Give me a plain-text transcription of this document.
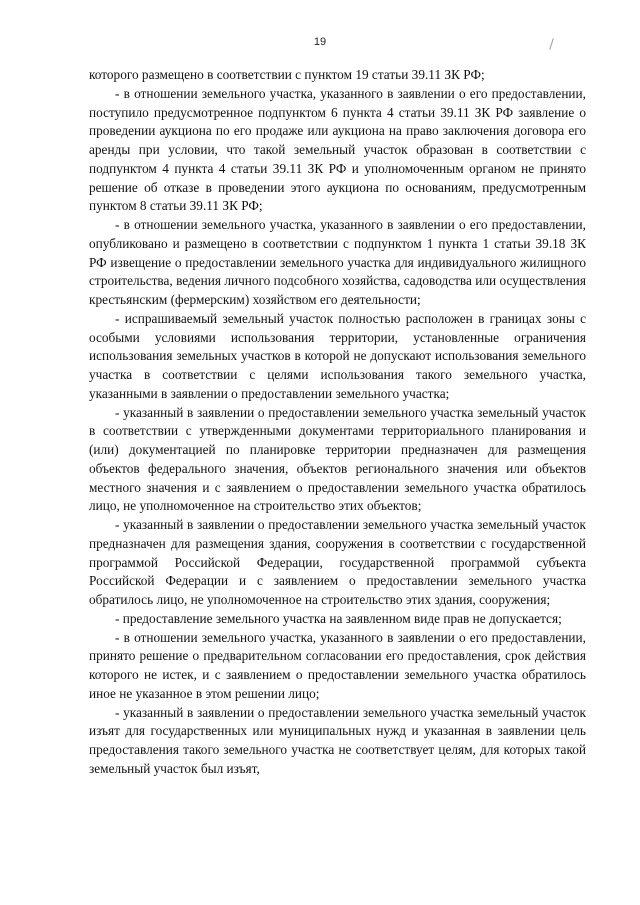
19

которого размещено в соответствии с пунктом 19 статьи 39.11 ЗК РФ;

- в отношении земельного участка, указанного в заявлении о его предоставлении, поступило предусмотренное подпунктом 6 пункта 4 статьи 39.11 ЗК РФ заявление о проведении аукциона по его продаже или аукциона на право заключения договора его аренды при условии, что такой земельный участок образован в соответствии с подпунктом 4 пункта 4 статьи 39.11 ЗК РФ и уполномоченным органом не принято решение об отказе в проведении этого аукциона по основаниям, предусмотренным пунктом 8 статьи 39.11 ЗК РФ;

- в отношении земельного участка, указанного в заявлении о его предоставлении, опубликовано и размещено в соответствии с подпунктом 1 пункта 1 статьи 39.18 ЗК РФ извещение о предоставлении земельного участка для индивидуального жилищного строительства, ведения личного подсобного хозяйства, садоводства или осуществления крестьянским (фермерским) хозяйством его деятельности;

- испрашиваемый земельный участок полностью расположен в границах зоны с особыми условиями использования территории, установленные ограничения использования земельных участков в которой не допускают использования земельного участка в соответствии с целями использования такого земельного участка, указанными в заявлении о предоставлении земельного участка;

- указанный в заявлении о предоставлении земельного участка земельный участок в соответствии с утвержденными документами территориального планирования и (или) документацией по планировке территории предназначен для размещения объектов федерального значения, объектов регионального значения или объектов местного значения и с заявлением о предоставлении земельного участка обратилось лицо, не уполномоченное на строительство этих объектов;

- указанный в заявлении о предоставлении земельного участка земельный участок предназначен для размещения здания, сооружения в соответствии с государственной программой Российской Федерации, государственной программой субъекта Российской Федерации и с заявлением о предоставлении земельного участка обратилось лицо, не уполномоченное на строительство этих здания, сооружения;

- предоставление земельного участка на заявленном виде прав не допускается;

- в отношении земельного участка, указанного в заявлении о его предоставлении, принято решение о предварительном согласовании его предоставления, срок действия которого не истек, и с заявлением о предоставлении земельного участка обратилось иное не указанное в этом решении лицо;

- указанный в заявлении о предоставлении земельного участка земельный участок изъят для государственных или муниципальных нужд и указанная в заявлении цель предоставления такого земельного участка не соответствует целям, для которых такой земельный участок был изъят,
